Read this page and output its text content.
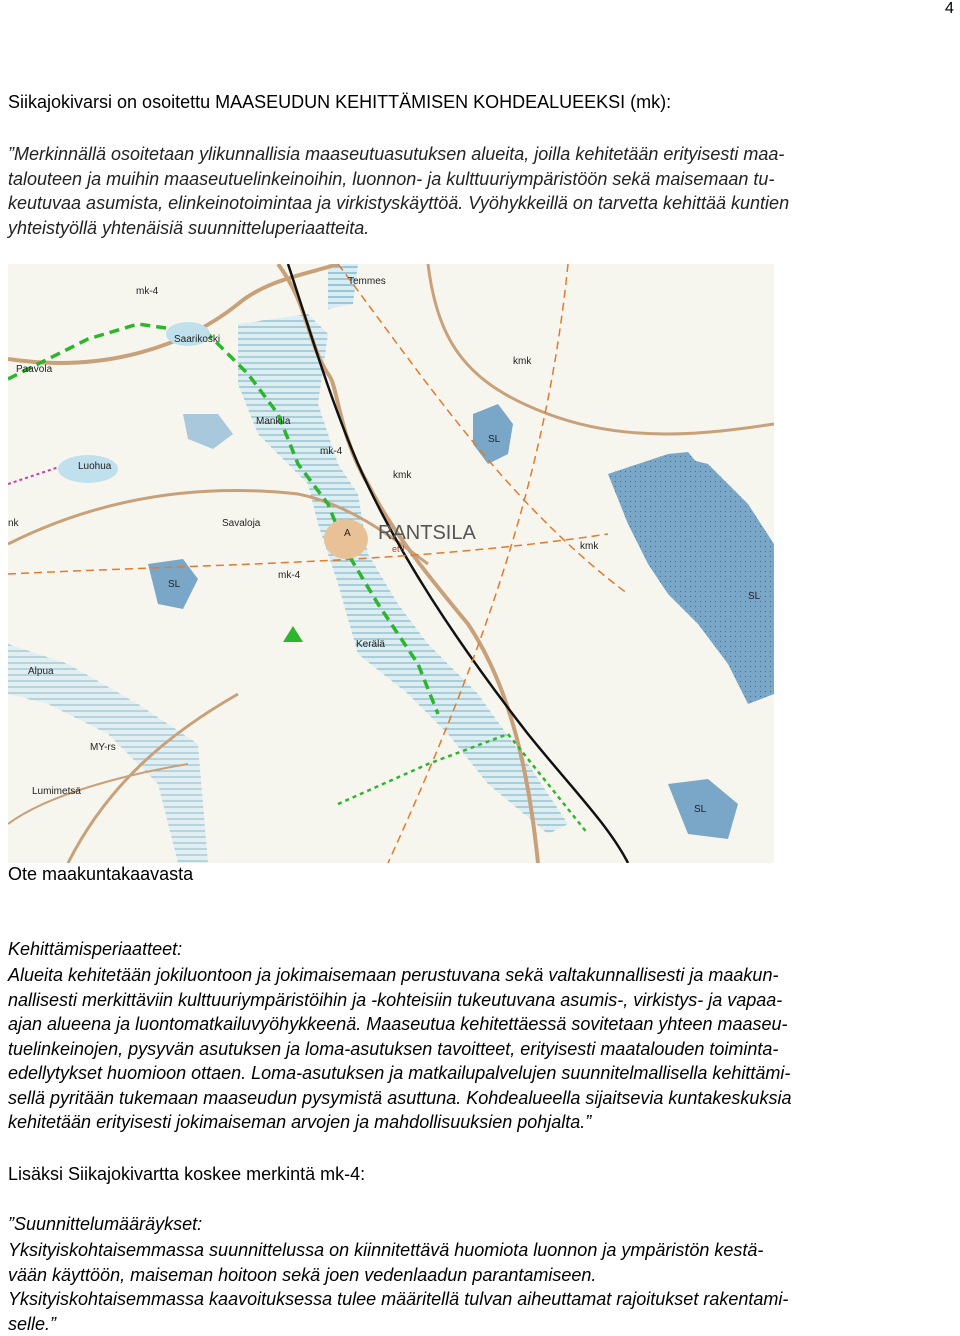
4

Siikajokivarsi on osoitettu MAASEUDUN KEHITTÄMISEN KOHDEALUEEKSI (mk):

”Merkinnällä osoitetaan ylikunnallisia maaseutuasutuksen alueita, joilla kehitetään erityisesti maa-
talouteen ja muihin maaseutuelinkeinoihin, luonnon- ja kulttuuriympäristöön sekä maisemaan tu-
keutuvaa asumista, elinkeinotoimintaa ja virkistyskäyttöä. Vyöhykkeillä on tarvetta kehittää kuntien
yhteistyöllä yhtenäisiä suunnitteluperiaatteita.

Temmes
mk-4
Saarikoski
Paavola
Mankila
kmk
SL
mk-4
Luohua
kmk
RANTSILA
et-l
Savaloja
A
kmk
mk-4
SL
SL
Kerälä
Alpua
MY-rs
Lumimetsä
SL
nk

Ote maakuntakaavasta

Kehittämisperiaatteet:

Alueita kehitetään jokiluontoon ja jokimaisemaan perustuvana sekä valtakunnallisesti ja maakun-
nallisesti merkittäviin kulttuuriympäristöihin ja -kohteisiin tukeutuvana asumis-, virkistys- ja vapaa-
ajan alueena ja luontomatkailuvyöhykkeenä. Maaseutua kehitettäessä sovitetaan yhteen maaseu-
tuelinkeinojen, pysyvän asutuksen ja loma-asutuksen tavoitteet, erityisesti maatalouden toiminta-
edellytykset huomioon ottaen. Loma-asutuksen ja matkailupalvelujen suunnitelmallisella kehittämi-
sellä pyritään tukemaan maaseudun pysymistä asuttuna. Kohdealueella sijaitsevia kuntakeskuksia
kehitetään erityisesti jokimaiseman arvojen ja mahdollisuuksien pohjalta.”

Lisäksi Siikajokivartta koskee merkintä mk-4:

”Suunnittelumääräykset:

Yksityiskohtaisemmassa suunnittelussa on kiinnitettävä huomiota luonnon ja ympäristön kestä-
vään käyttöön, maiseman hoitoon sekä joen vedenlaadun parantamiseen.
Yksityiskohtaisemmassa kaavoituksessa tulee määritellä tulvan aiheuttamat rajoitukset rakentami-
selle.”
